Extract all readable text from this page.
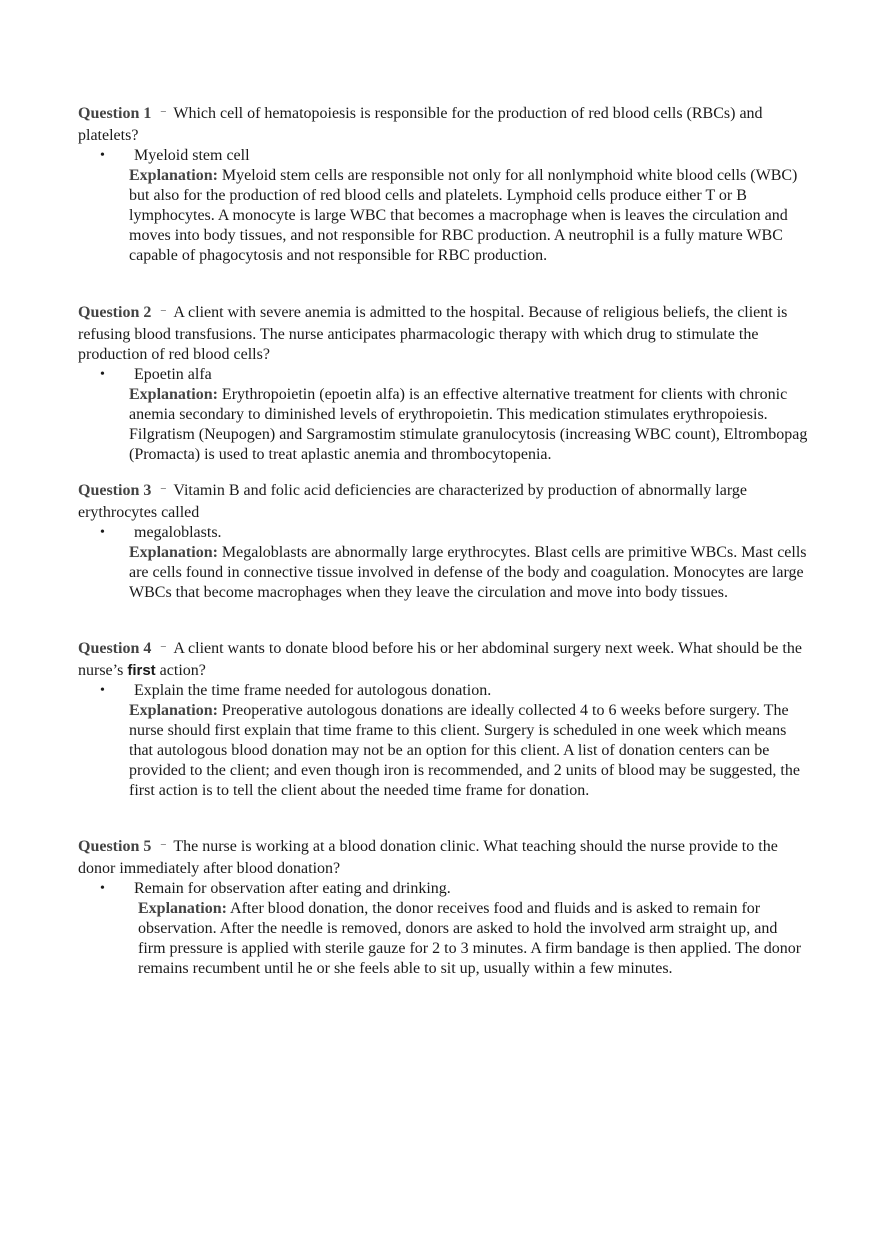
Question 1 _ Which cell of hematopoiesis is responsible for the production of red blood cells (RBCs) and platelets?

• Myeloid stem cell

Explanation: Myeloid stem cells are responsible not only for all nonlymphoid white blood cells (WBC) but also for the production of red blood cells and platelets. Lymphoid cells produce either T or B lymphocytes. A monocyte is large WBC that becomes a macrophage when is leaves the circulation and moves into body tissues, and not responsible for RBC production. A neutrophil is a fully mature WBC capable of phagocytosis and not responsible for RBC production.

Question 2 _ A client with severe anemia is admitted to the hospital. Because of religious beliefs, the client is refusing blood transfusions. The nurse anticipates pharmacologic therapy with which drug to stimulate the production of red blood cells?

• Epoetin alfa

Explanation: Erythropoietin (epoetin alfa) is an effective alternative treatment for clients with chronic anemia secondary to diminished levels of erythropoietin. This medication stimulates erythropoiesis. Filgratism (Neupogen) and Sargramostim stimulate granulocytosis (increasing WBC count), Eltrombopag (Promacta) is used to treat aplastic anemia and thrombocytopenia.

Question 3 _ Vitamin B and folic acid deficiencies are characterized by production of abnormally large erythrocytes called

• megaloblasts.

Explanation: Megaloblasts are abnormally large erythrocytes. Blast cells are primitive WBCs. Mast cells are cells found in connective tissue involved in defense of the body and coagulation. Monocytes are large WBCs that become macrophages when they leave the circulation and move into body tissues.

Question 4 _ A client wants to donate blood before his or her abdominal surgery next week. What should be the nurse’s first action?

• Explain the time frame needed for autologous donation.

Explanation: Preoperative autologous donations are ideally collected 4 to 6 weeks before surgery. The nurse should first explain that time frame to this client. Surgery is scheduled in one week which means that autologous blood donation may not be an option for this client. A list of donation centers can be provided to the client; and even though iron is recommended, and 2 units of blood may be suggested, the first action is to tell the client about the needed time frame for donation.

Question 5 _ The nurse is working at a blood donation clinic. What teaching should the nurse provide to the donor immediately after blood donation?

• Remain for observation after eating and drinking.

Explanation: After blood donation, the donor receives food and fluids and is asked to remain for observation. After the needle is removed, donors are asked to hold the involved arm straight up, and firm pressure is applied with sterile gauze for 2 to 3 minutes. A firm bandage is then applied. The donor remains recumbent until he or she feels able to sit up, usually within a few minutes.
